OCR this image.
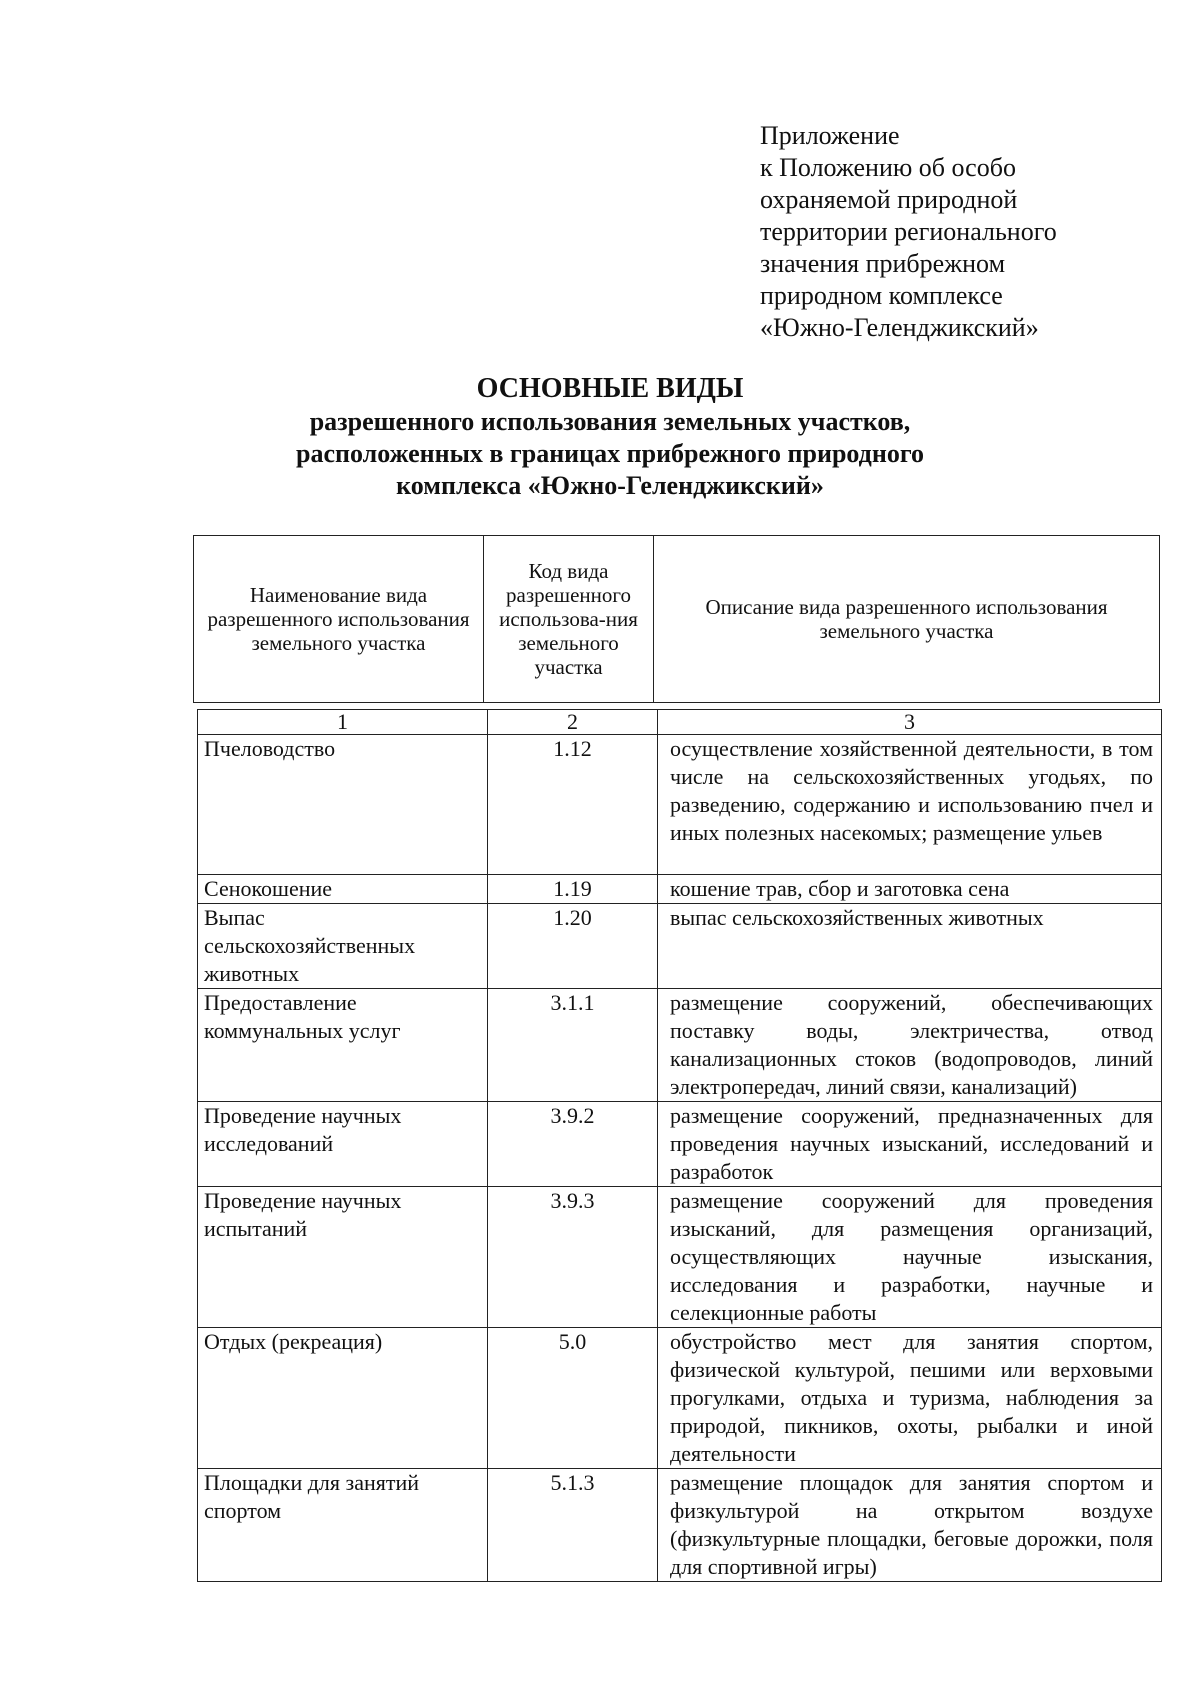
Приложение
к Положению об особо
охраняемой природной
территории регионального
значения прибрежном
природном комплексе
«Южно-Геленджикский»
ОСНОВНЫЕ ВИДЫ
разрешенного использования земельных участков,
расположенных в границах прибрежного природного
комплекса «Южно-Геленджикский»
Наименование вида разрешенного использования земельного участка	Код вида разрешенного использова-ния земельного участка	Описание вида разрешенного использования земельного участка
1	2	3
Пчеловодство	1.12	осуществление хозяйственной деятельности, в том числе на сельскохозяйственных угодьях, по разведению, содержанию и использованию пчел и иных полезных насекомых; размещение ульев
Сенокошение	1.19	кошение трав, сбор и заготовка сена
Выпас сельскохозяйственных животных	1.20	выпас сельскохозяйственных животных
Предоставление коммунальных услуг	3.1.1	размещение сооружений, обеспечивающих поставку воды, электричества, отвод канализационных стоков (водопроводов, линий электропередач, линий связи, канализаций)
Проведение научных исследований	3.9.2	размещение сооружений, предназначенных для проведения научных изысканий, исследований и разработок
Проведение научных испытаний	3.9.3	размещение сооружений для проведения изысканий, для размещения организаций, осуществляющих научные изыскания, исследования и разработки, научные и селекционные работы
Отдых (рекреация)	5.0	обустройство мест для занятия спортом, физической культурой, пешими или верховыми прогулками, отдыха и туризма, наблюдения за природой, пикников, охоты, рыбалки и иной деятельности
Площадки для занятий спортом	5.1.3	размещение площадок для занятия спортом и физкультурой на открытом воздухе (физкультурные площадки, беговые дорожки, поля для спортивной игры)
